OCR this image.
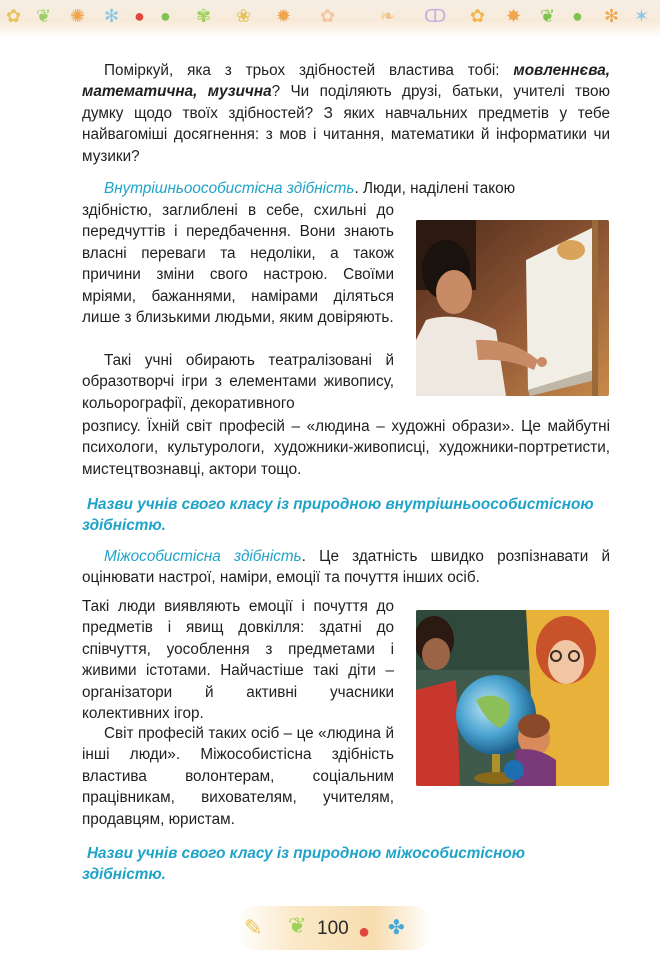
✿ ❦ ✺ ✻ ● ● ✾ ❀ ✹ ✿ ❧ ↀ ✿ ✸ ❦ ● ✻ ✶

Поміркуй, яка з трьох здібностей властива тобі: мовленнєва, математична, музична? Чи поділяють друзі, батьки, учителі твою думку щодо твоїх здібностей? З яких навчальних предметів у тебе найвагоміші досягнення: з мов і читання, математики й інформатики чи музики?

Внутрішньоособистісна здібність. Люди, наділені такою

здібністю, заглиблені в себе, схильні до передчуттів і передбачення. Вони знають власні переваги та недоліки, а також причини зміни свого настрою. Своїми мріями, бажаннями, намірами діляться лише з близькими людьми, яким довіряють.

Такі учні обирають театралізовані й образотворчі ігри з елементами живопису, кольорографії, декоративного

розпису. Їхній світ професій – «людина – художні образи». Це майбутні психологи, культурологи, художники-живописці, художники-портретисти, мистецтвознавці, актори тощо.

Назви учнів свого класу із природною внутрішньоособистісною здібністю.

Міжособистісна здібність. Це здатність швидко розпізнавати й оцінювати настрої, наміри, емоції та почуття інших осіб.

Такі люди виявляють емоції і почуття до предметів і явищ довкілля: здатні до співчуття, уособлення з предметами і живими істотами. Найчастіше такі діти – організатори й активні учасники колективних ігор.

Світ професій таких осіб – це «людина й інші люди». Міжособистісна здібність властива волонтерам, соціальним працівникам, вихователям, учителям, продавцям, юристам.

Назви учнів свого класу із природною міжособистісною здібністю.

✎ ❦ 100 ● ✤
